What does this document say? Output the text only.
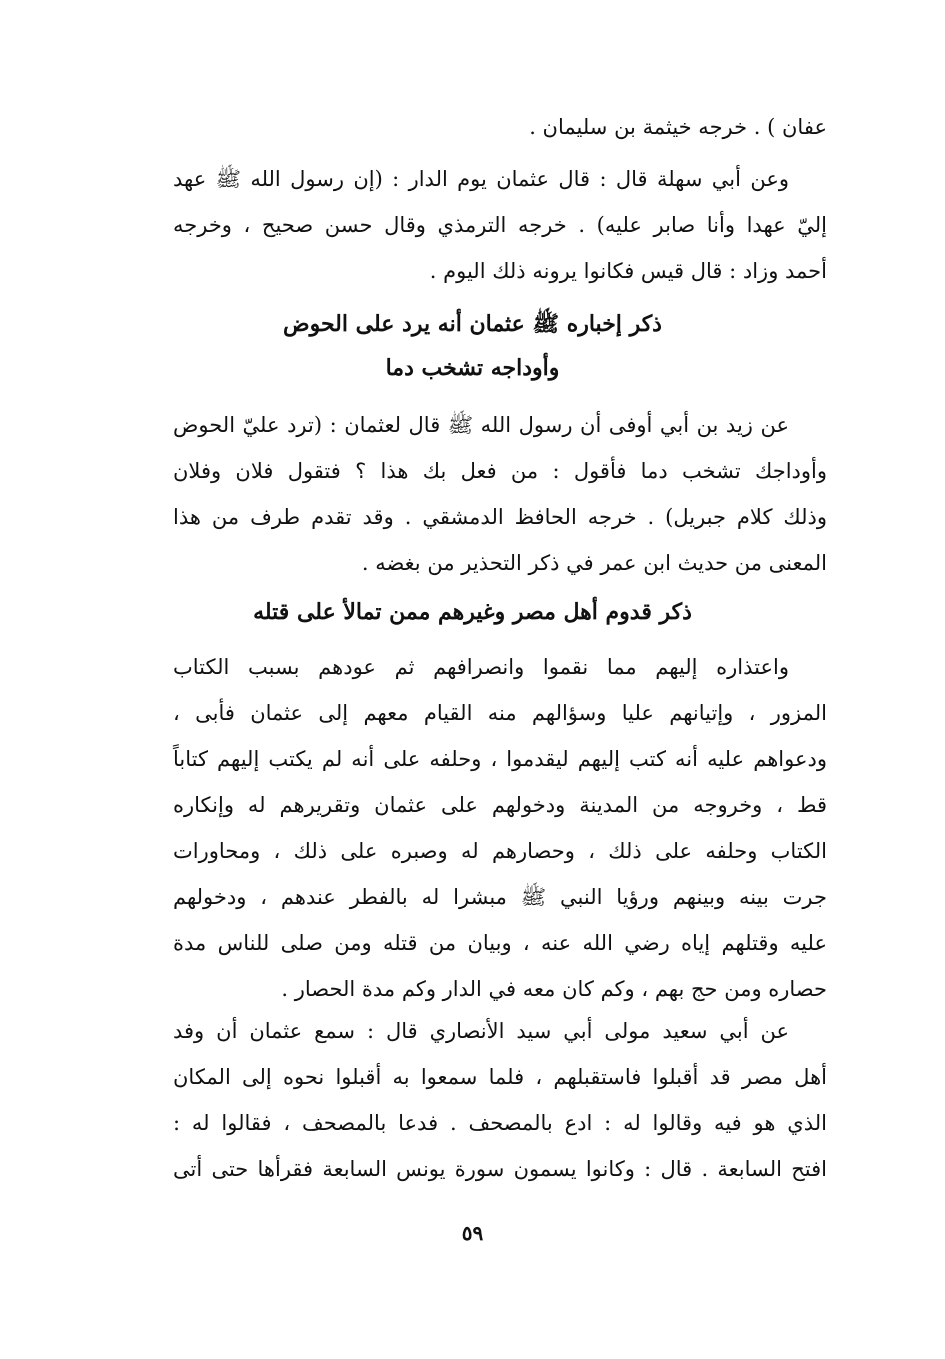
عفان ) . خرجه خيثمة بن سليمان .
وعن أبي سهلة قال : قال عثمان يوم الدار : (إن رسول الله ﷺ عهد
إليّ عهدا وأنا صابر عليه) . خرجه الترمذي وقال حسن صحيح ، وخرجه
أحمد وزاد : قال قيس فكانوا يرونه ذلك اليوم .
ذكر إخباره ﷺ عثمان أنه يرد على الحوض
وأوداجه تشخب دما
عن زيد بن أبي أوفى أن رسول الله ﷺ قال لعثمان : (ترد عليّ الحوض
وأوداجك تشخب دما فأقول : من فعل بك هذا ؟ فتقول فلان وفلان
وذلك كلام جبريل) . خرجه الحافظ الدمشقي . وقد تقدم طرف من هذا
المعنى من حديث ابن عمر في ذكر التحذير من بغضه .
ذكر قدوم أهل مصر وغيرهم ممن تمالأ على قتله
واعتذاره إليهم مما نقموا وانصرافهم ثم عودهم بسبب الكتاب
المزور ، وإتيانهم عليا وسؤالهم منه القيام معهم إلى عثمان فأبى ،
ودعواهم عليه أنه كتب إليهم ليقدموا ، وحلفه على أنه لم يكتب إليهم كتاباً
قط ، وخروجه من المدينة ودخولهم على عثمان وتقريرهم له وإنكاره
الكتاب وحلفه على ذلك ، وحصارهم له وصبره على ذلك ، ومحاورات
جرت بينه وبينهم ورؤيا النبي ﷺ مبشرا له بالفطر عندهم ، ودخولهم
عليه وقتلهم إياه رضي الله عنه ، وبيان من قتله ومن صلى للناس مدة
حصاره ومن حج بهم ، وكم كان معه في الدار وكم مدة الحصار .
عن أبي سعيد مولى أبي سيد الأنصاري قال : سمع عثمان أن وفد
أهل مصر قد أقبلوا فاستقبلهم ، فلما سمعوا به أقبلوا نحوه إلى المكان
الذي هو فيه وقالوا له : ادع بالمصحف . فدعا بالمصحف ، فقالوا له :
افتح السابعة . قال : وكانوا يسمون سورة يونس السابعة فقرأها حتى أتى
٥٩
